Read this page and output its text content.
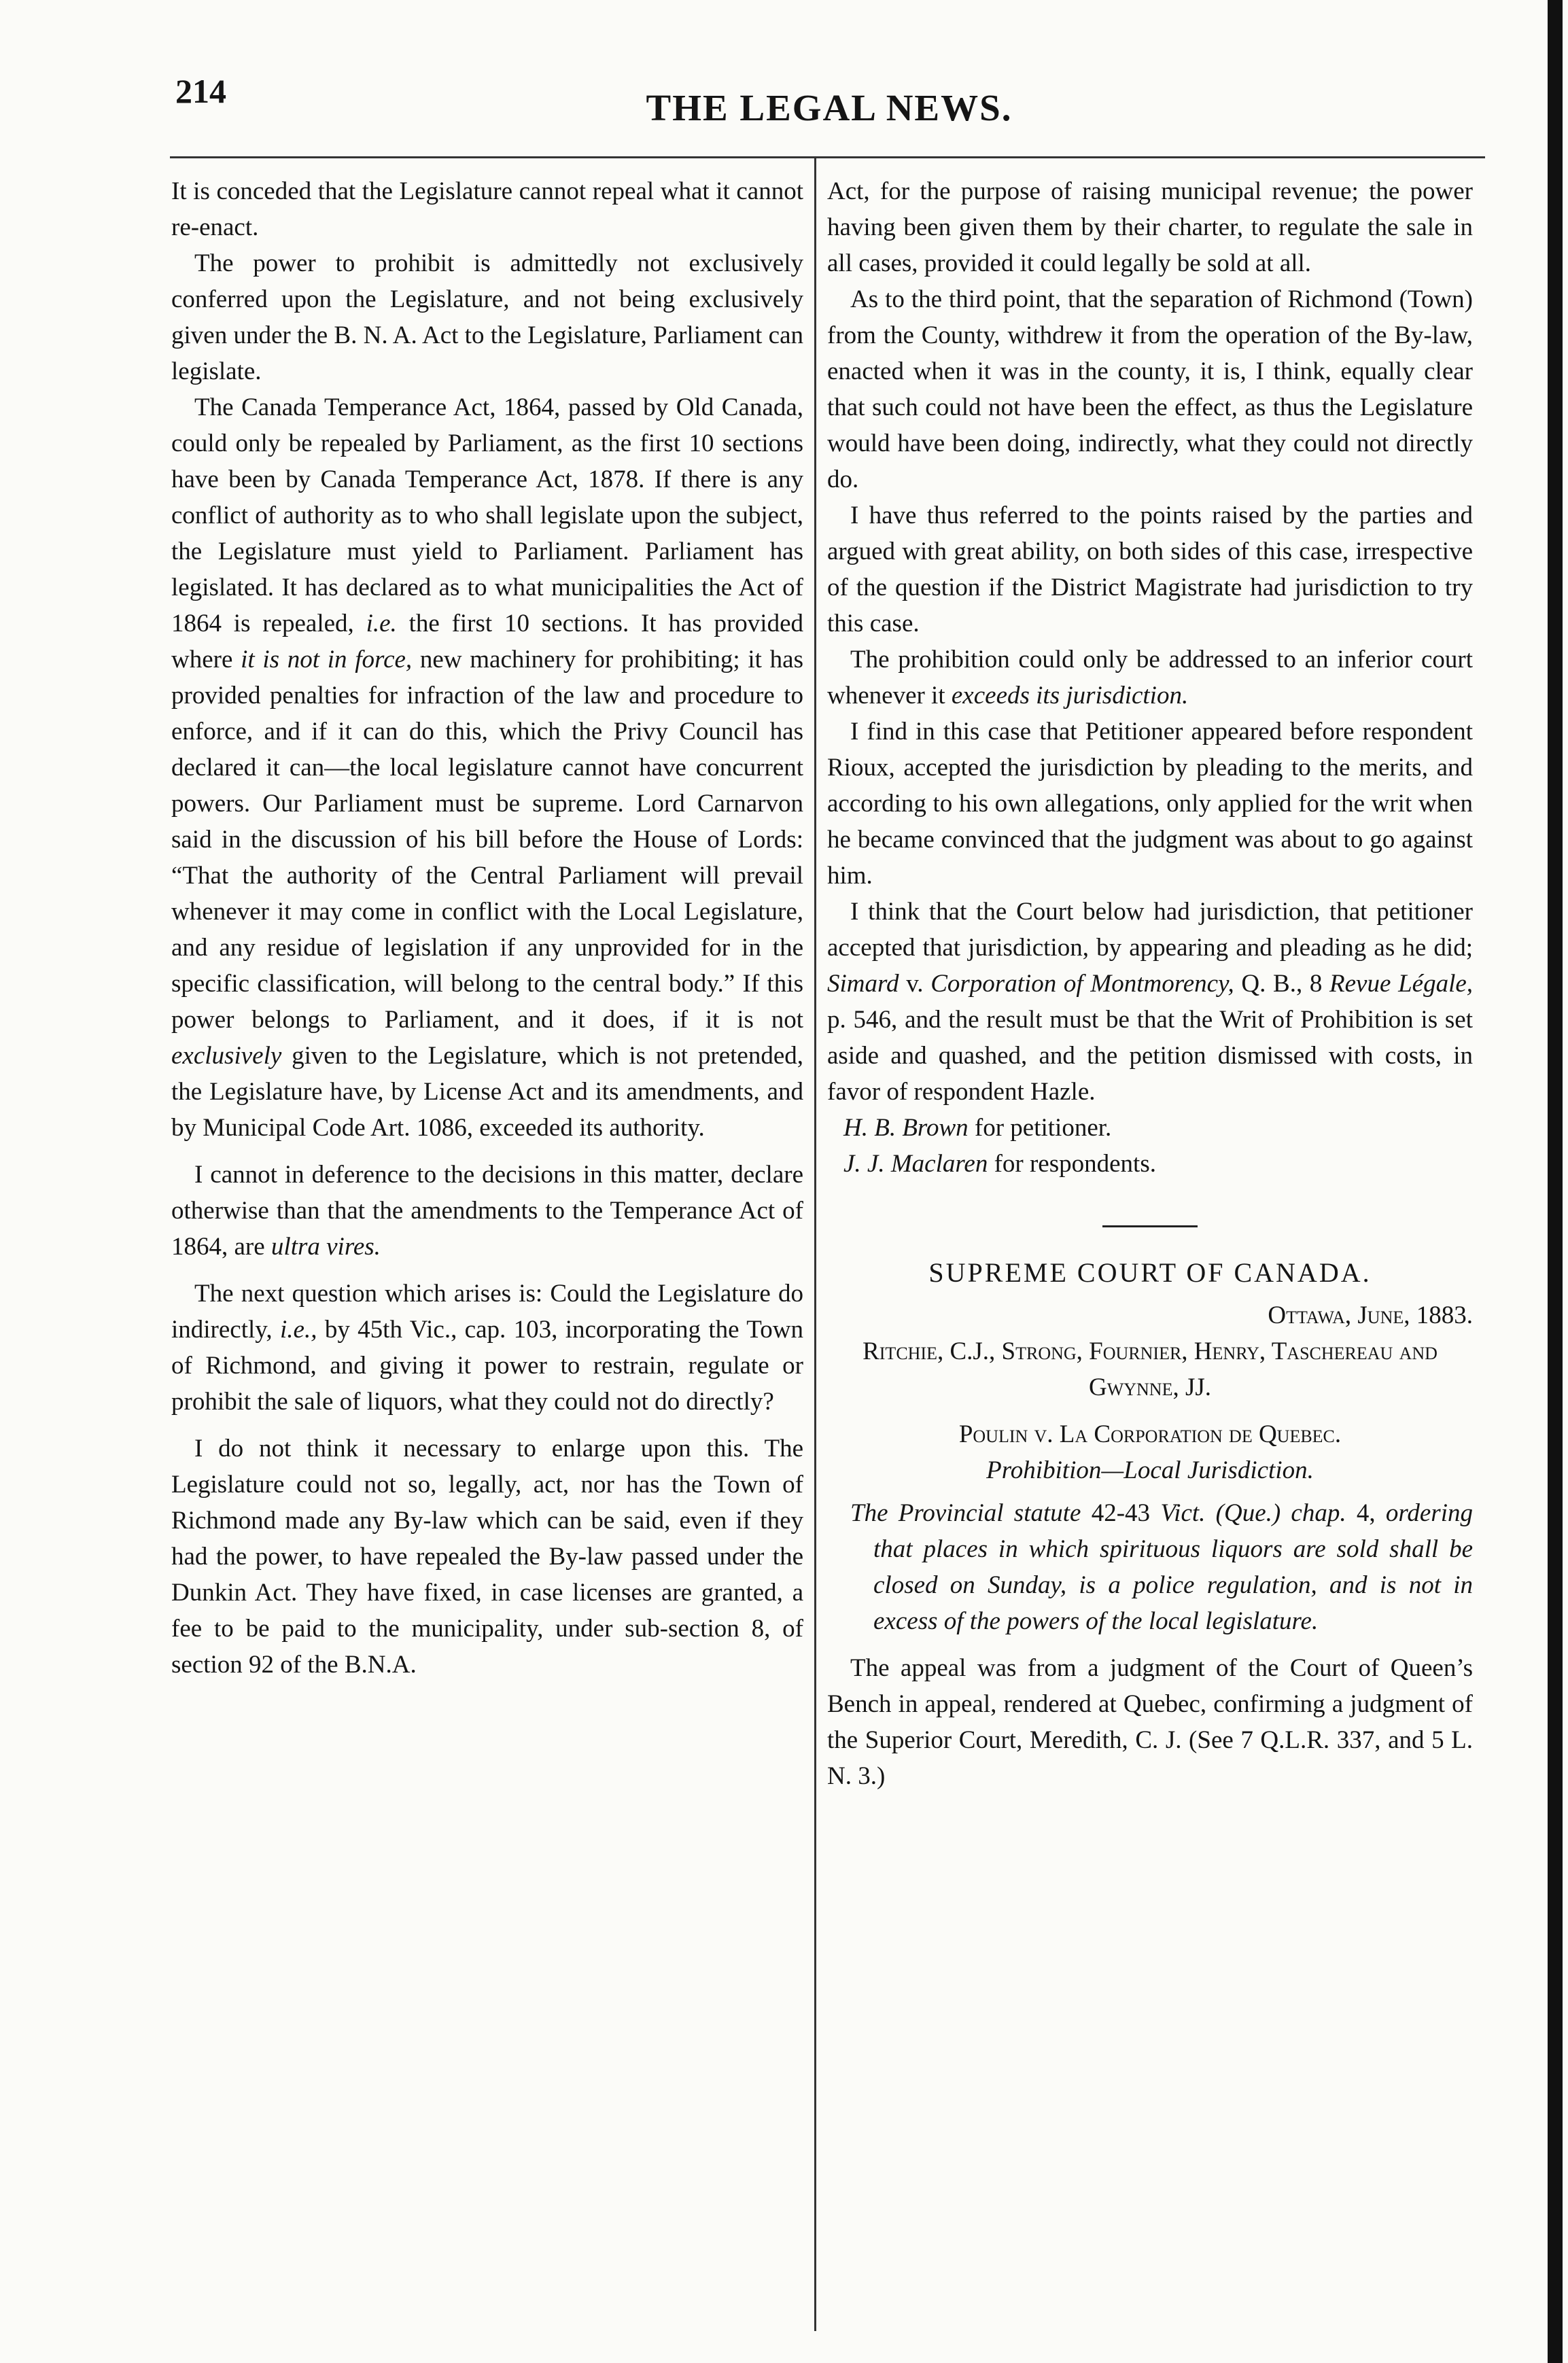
214	THE LEGAL NEWS.

It is conceded that the Legislature cannot repeal what it cannot re-enact.

The power to prohibit is admittedly not exclusively conferred upon the Legislature, and not being exclusively given under the B. N. A. Act to the Legislature, Parliament can legislate.

The Canada Temperance Act, 1864, passed by Old Canada, could only be repealed by Parliament, as the first 10 sections have been by Canada Temperance Act, 1878. If there is any conflict of authority as to who shall legislate upon the subject, the Legislature must yield to Parliament. Parliament has legislated. It has declared as to what municipalities the Act of 1864 is repealed, i.e. the first 10 sections. It has provided where it is not in force, new machinery for prohibiting; it has provided penalties for infraction of the law and procedure to enforce, and if it can do this, which the Privy Council has declared it can—the local legislature cannot have concurrent powers. Our Parliament must be supreme. Lord Carnarvon said in the discussion of his bill before the House of Lords: “That the authority of the Central Parliament will prevail whenever it may come in conflict with the Local Legislature, and any residue of legislation if any unprovided for in the specific classification, will belong to the central body.” If this power belongs to Parliament, and it does, if it is not exclusively given to the Legislature, which is not pretended, the Legislature have, by License Act and its amendments, and by Municipal Code Art. 1086, exceeded its authority.

I cannot in deference to the decisions in this matter, declare otherwise than that the amendments to the Temperance Act of 1864, are ultra vires.

The next question which arises is: Could the Legislature do indirectly, i.e., by 45th Vic., cap. 103, incorporating the Town of Richmond, and giving it power to restrain, regulate or prohibit the sale of liquors, what they could not do directly?

I do not think it necessary to enlarge upon this. The Legislature could not so, legally, act, nor has the Town of Richmond made any By-law which can be said, even if they had the power, to have repealed the By-law passed under the Dunkin Act. They have fixed, in case licenses are granted, a fee to be paid to the municipality, under sub-section 8, of section 92 of the B.N.A.

Act, for the purpose of raising municipal revenue; the power having been given them by their charter, to regulate the sale in all cases, provided it could legally be sold at all.

As to the third point, that the separation of Richmond (Town) from the County, withdrew it from the operation of the By-law, enacted when it was in the county, it is, I think, equally clear that such could not have been the effect, as thus the Legislature would have been doing, indirectly, what they could not directly do.

I have thus referred to the points raised by the parties and argued with great ability, on both sides of this case, irrespective of the question if the District Magistrate had jurisdiction to try this case.

The prohibition could only be addressed to an inferior court whenever it exceeds its jurisdiction.

I find in this case that Petitioner appeared before respondent Rioux, accepted the jurisdiction by pleading to the merits, and according to his own allegations, only applied for the writ when he became convinced that the judgment was about to go against him.

I think that the Court below had jurisdiction, that petitioner accepted that jurisdiction, by appearing and pleading as he did; Simard v. Corporation of Montmorency, Q. B., 8 Revue Légale, p. 546, and the result must be that the Writ of Prohibition is set aside and quashed, and the petition dismissed with costs, in favor of respondent Hazle.

H. B. Brown for petitioner.

J. J. Maclaren for respondents.

SUPREME COURT OF CANADA.

Ottawa, June, 1883.

Ritchie, C.J., Strong, Fournier, Henry, Taschereau and Gwynne, JJ.

Poulin v. La Corporation de Quebec.

Prohibition—Local Jurisdiction.

The Provincial statute 42-43 Vict. (Que.) chap. 4, ordering that places in which spirituous liquors are sold shall be closed on Sunday, is a police regulation, and is not in excess of the powers of the local legislature.

The appeal was from a judgment of the Court of Queen’s Bench in appeal, rendered at Quebec, confirming a judgment of the Superior Court, Meredith, C. J. (See 7 Q.L.R. 337, and 5 L. N. 3.)
